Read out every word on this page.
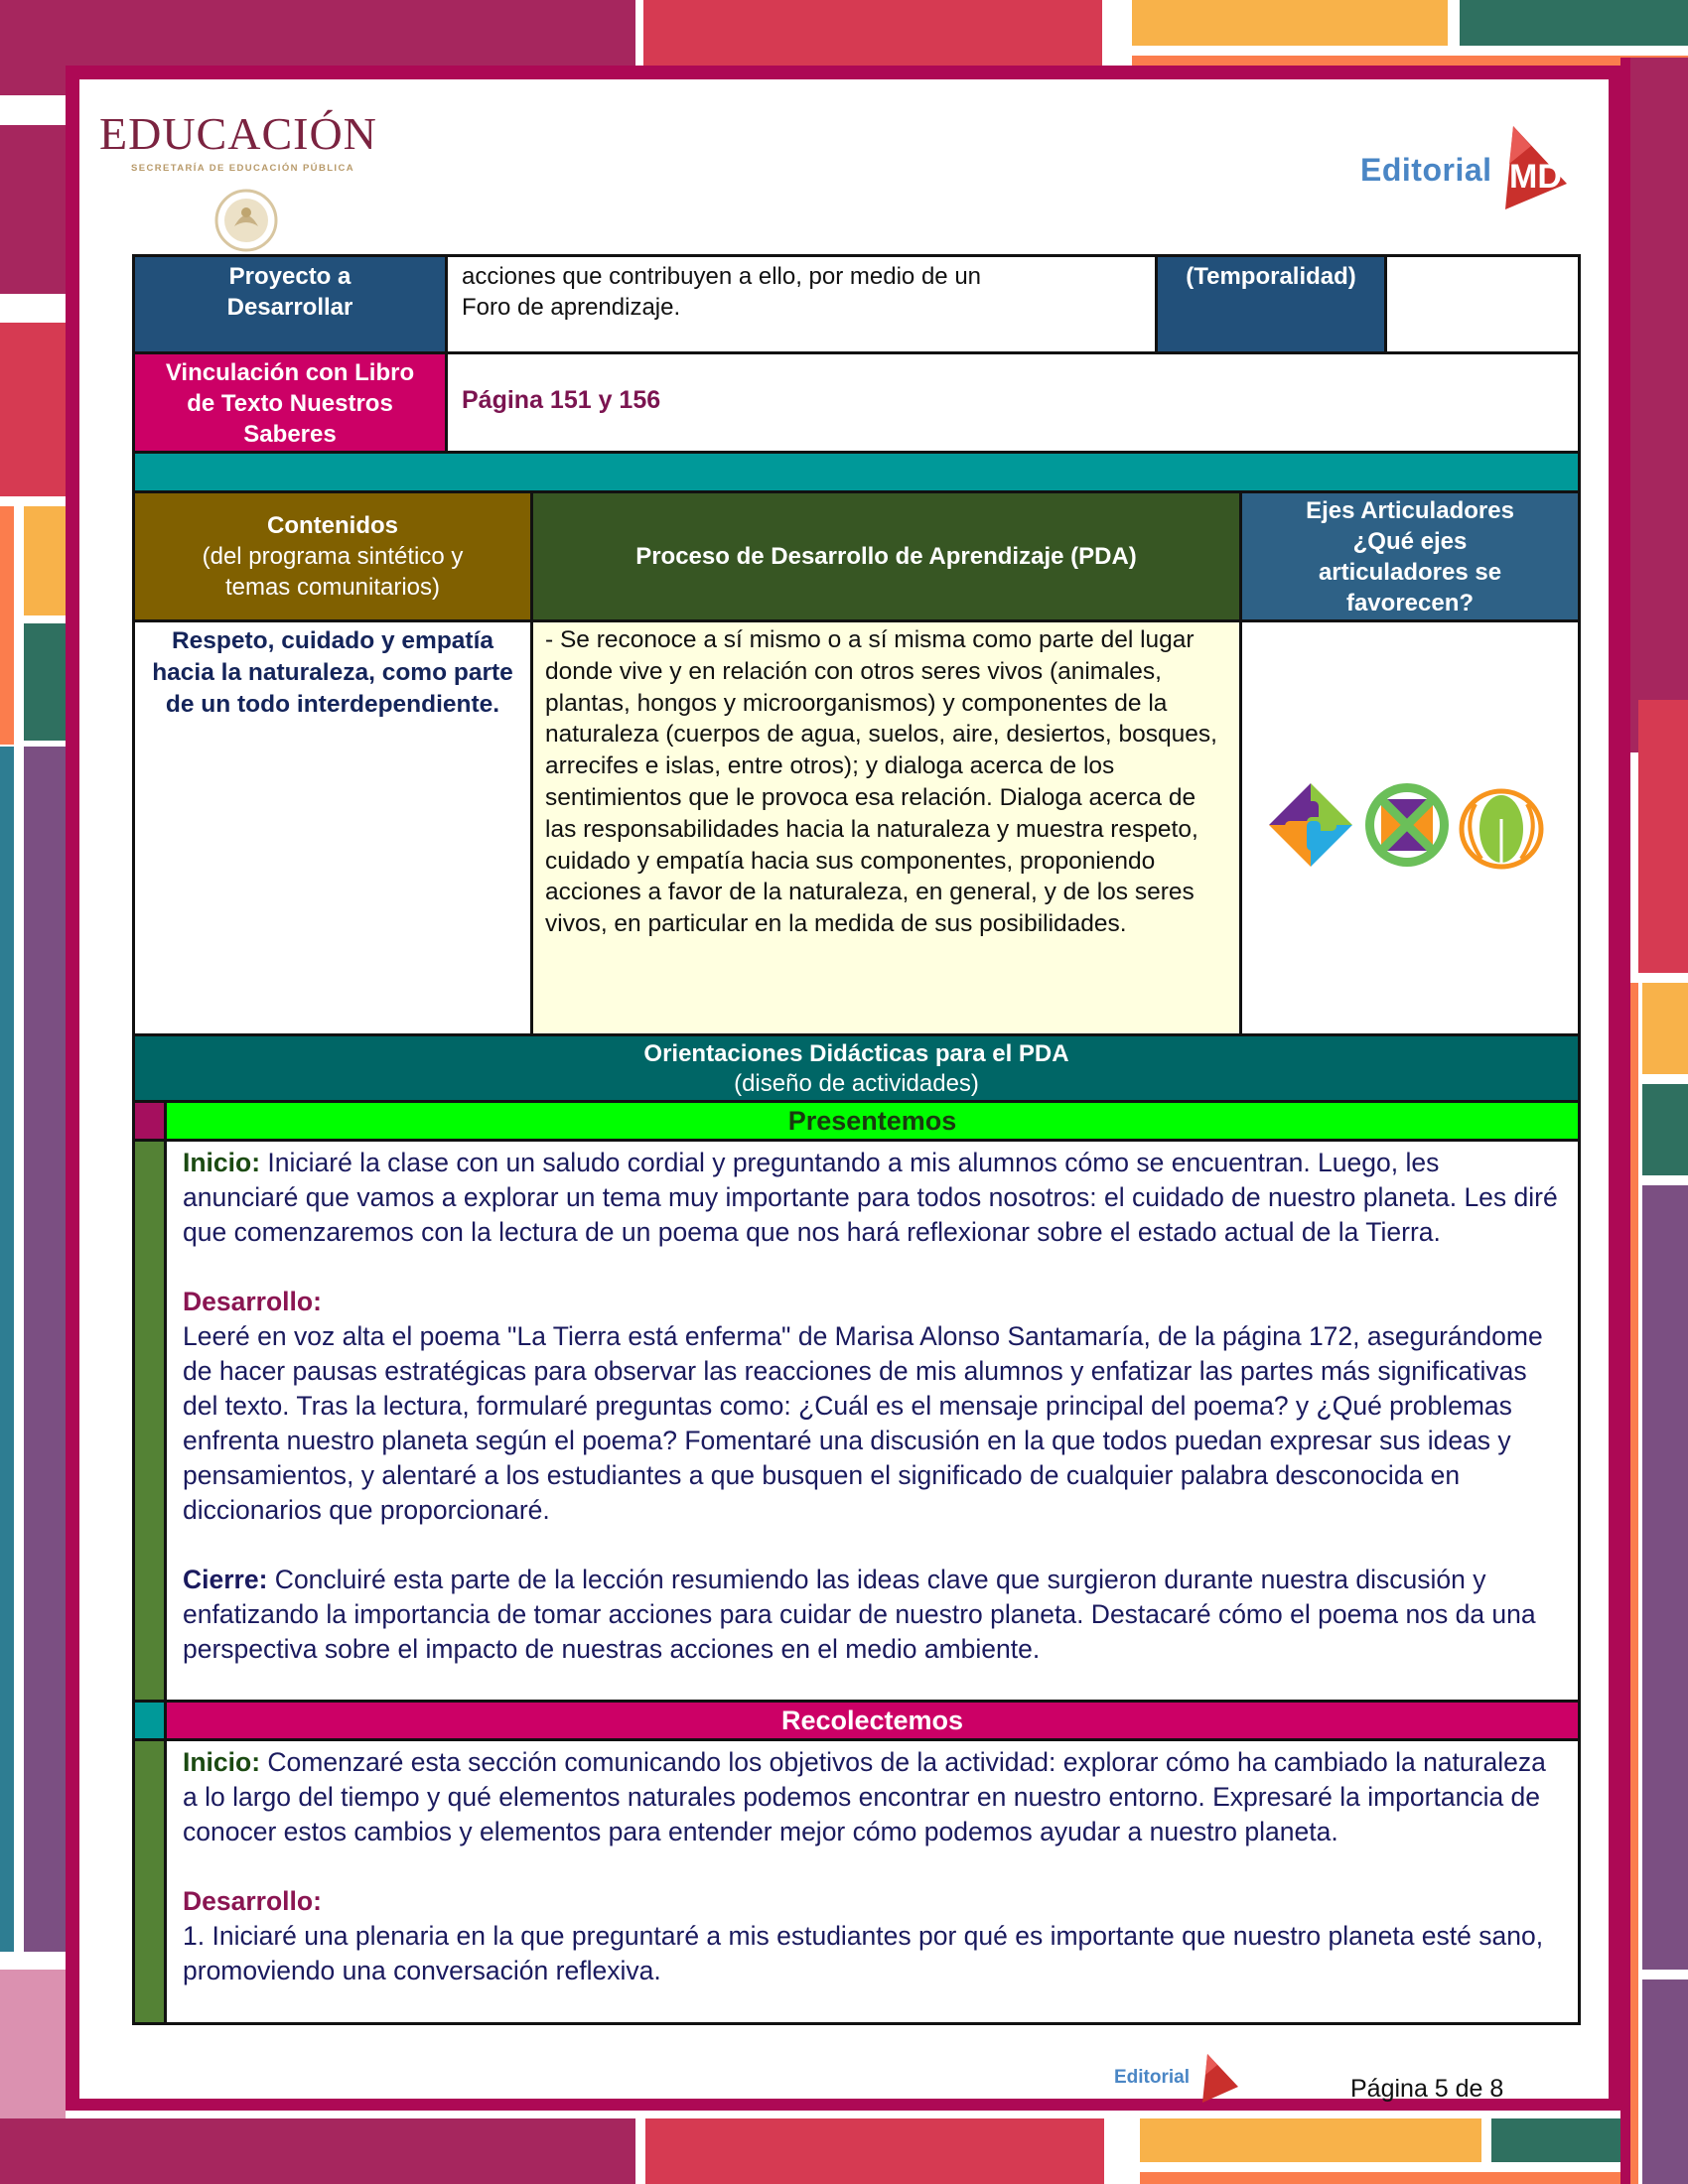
EDUCACIÓN
SECRETARÍA DE EDUCACIÓN PÚBLICA	Editorial MD
Proyecto a Desarrollar
acciones que contribuyen a ello, por medio de un Foro de aprendizaje.
(Temporalidad)
Vinculación con Libro de Texto Nuestros Saberes
Página 151 y 156
Contenidos
(del programa sintético y temas comunitarios)
Proceso de Desarrollo de Aprendizaje (PDA)
Ejes Articuladores ¿Qué ejes articuladores se favorecen?
Respeto, cuidado y empatía hacia la naturaleza, como parte de un todo interdependiente.
- Se reconoce a sí mismo o a sí misma como parte del lugar donde vive y en relación con otros seres vivos (animales, plantas, hongos y microorganismos) y componentes de la naturaleza (cuerpos de agua, suelos, aire, desiertos, bosques, arrecifes e islas, entre otros); y dialoga acerca de los sentimientos que le provoca esa relación. Dialoga acerca de las responsabilidades hacia la naturaleza y muestra respeto, cuidado y empatía hacia sus componentes, proponiendo acciones a favor de la naturaleza, en general, y de los seres vivos, en particular en la medida de sus posibilidades.
Orientaciones Didácticas para el PDA
(diseño de actividades)
Presentemos

Inicio: Iniciaré la clase con un saludo cordial y preguntando a mis alumnos cómo se encuentran. Luego, les anunciaré que vamos a explorar un tema muy importante para todos nosotros: el cuidado de nuestro planeta. Les diré que comenzaremos con la lectura de un poema que nos hará reflexionar sobre el estado actual de la Tierra.

Desarrollo:

Leeré en voz alta el poema "La Tierra está enferma" de Marisa Alonso Santamaría, de la página 172, asegurándome de hacer pausas estratégicas para observar las reacciones de mis alumnos y enfatizar las partes más significativas del texto. Tras la lectura, formularé preguntas como: ¿Cuál es el mensaje principal del poema? y ¿Qué problemas enfrenta nuestro planeta según el poema? Fomentaré una discusión en la que todos puedan expresar sus ideas y pensamientos, y alentaré a los estudiantes a que busquen el significado de cualquier palabra desconocida en diccionarios que proporcionaré.

Cierre: Concluiré esta parte de la lección resumiendo las ideas clave que surgieron durante nuestra discusión y enfatizando la importancia de tomar acciones para cuidar de nuestro planeta. Destacaré cómo el poema nos da una perspectiva sobre el impacto de nuestras acciones en el medio ambiente.

Recolectemos

Inicio: Comenzaré esta sección comunicando los objetivos de la actividad: explorar cómo ha cambiado la naturaleza a lo largo del tiempo y qué elementos naturales podemos encontrar en nuestro entorno. Expresaré la importancia de conocer estos cambios y elementos para entender mejor cómo podemos ayudar a nuestro planeta.

Desarrollo:

1. Iniciaré una plenaria en la que preguntaré a mis estudiantes por qué es importante que nuestro planeta esté sano, promoviendo una conversación reflexiva.

Editorial	Página 5 de 8
